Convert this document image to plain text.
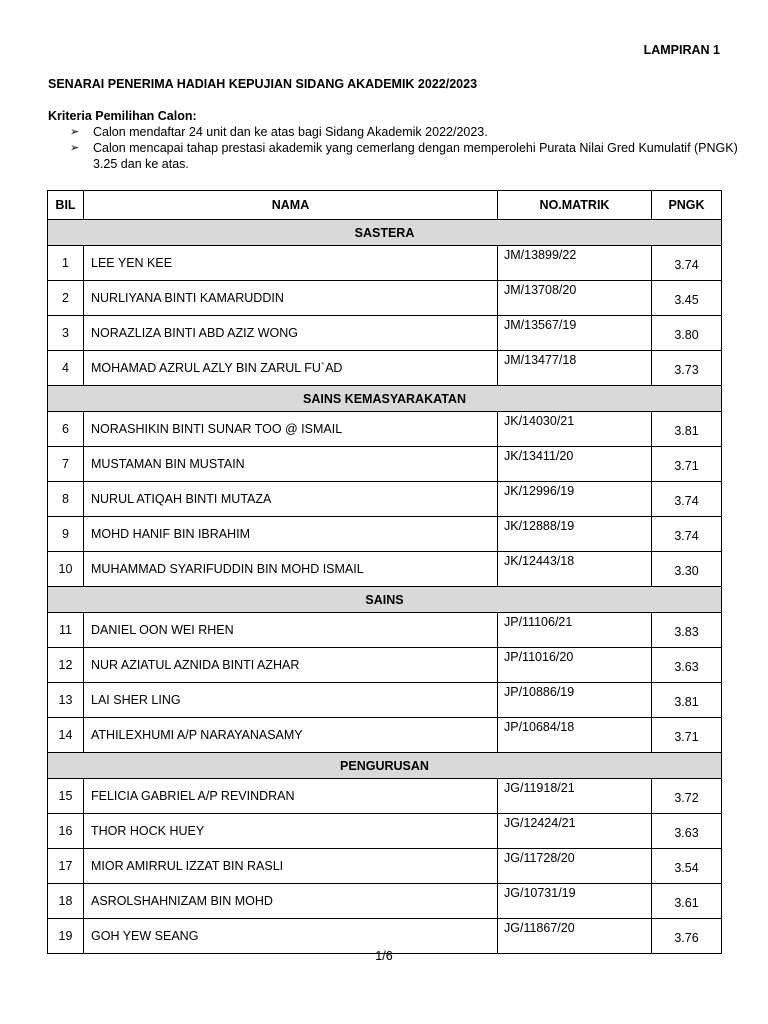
LAMPIRAN 1
SENARAI PENERIMA HADIAH KEPUJIAN SIDANG AKADEMIK 2022/2023
Kriteria Pemilihan Calon:
➢ Calon mendaftar 24 unit dan ke atas bagi Sidang Akademik 2022/2023.
➢ Calon mencapai tahap prestasi akademik yang cemerlang dengan memperolehi Purata Nilai Gred Kumulatif (PNGK) 3.25 dan ke atas.
BIL	NAMA	NO.MATRIK	PNGK
SASTERA			
1	LEE YEN KEE	JM/13899/22	3.74
2	NURLIYANA BINTI KAMARUDDIN	JM/13708/20	3.45
3	NORAZLIZA BINTI ABD AZIZ WONG	JM/13567/19	3.80
4	MOHAMAD AZRUL AZLY BIN ZARUL FU`AD	JM/13477/18	3.73
SAINS KEMASYARAKATAN			
6	NORASHIKIN BINTI SUNAR TOO @ ISMAIL	JK/14030/21	3.81
7	MUSTAMAN BIN MUSTAIN	JK/13411/20	3.71
8	NURUL ATIQAH BINTI MUTAZA	JK/12996/19	3.74
9	MOHD HANIF BIN IBRAHIM	JK/12888/19	3.74
10	MUHAMMAD SYARIFUDDIN BIN MOHD ISMAIL	JK/12443/18	3.30
SAINS			
11	DANIEL OON WEI RHEN	JP/11106/21	3.83
12	NUR AZIATUL AZNIDA BINTI AZHAR	JP/11016/20	3.63
13	LAI SHER LING	JP/10886/19	3.81
14	ATHILEXHUMI A/P NARAYANASAMY	JP/10684/18	3.71
PENGURUSAN			
15	FELICIA GABRIEL A/P REVINDRAN	JG/11918/21	3.72
16	THOR HOCK HUEY	JG/12424/21	3.63
17	MIOR AMIRRUL IZZAT BIN RASLI	JG/11728/20	3.54
18	ASROLSHAHNIZAM BIN MOHD	JG/10731/19	3.61
19	GOH YEW SEANG	JG/11867/20	3.76
1/6
